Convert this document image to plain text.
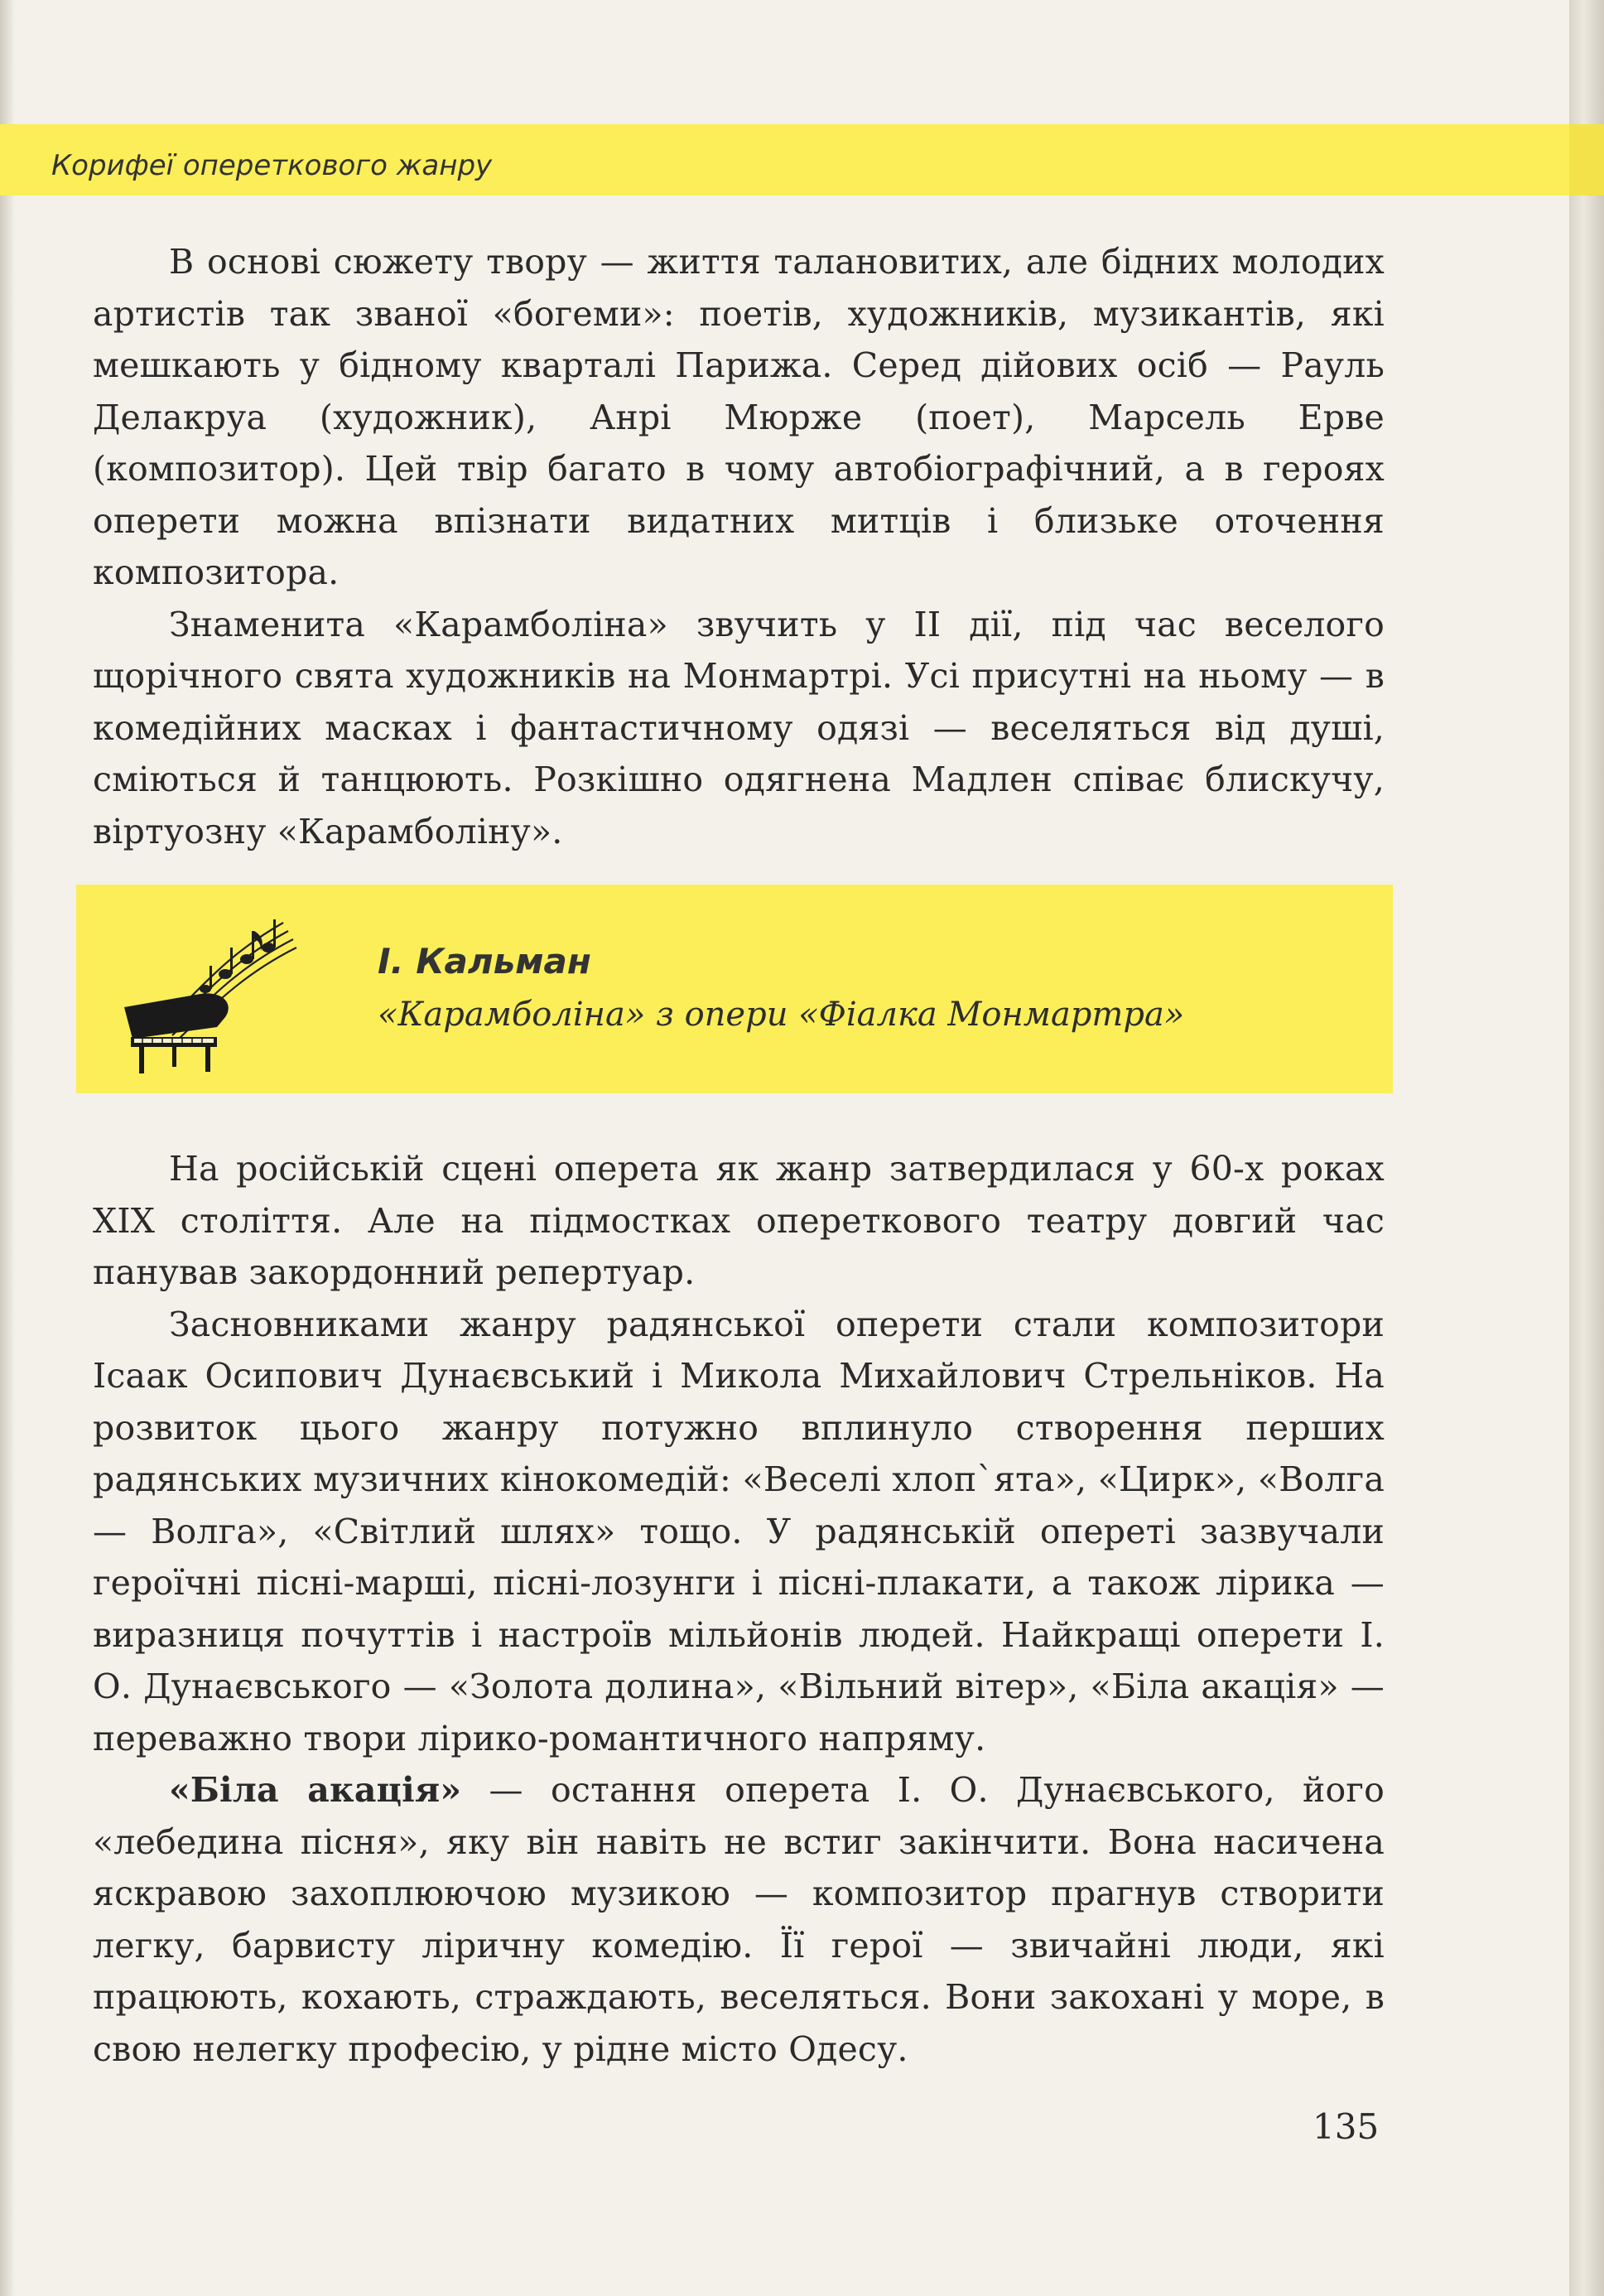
Корифеї опереткового жанру

В основі сюжету твору — життя талановитих, але бідних молодих артистів так званої «богеми»: поетів, художників, музикантів, які мешкають у бідному кварталі Парижа. Серед дійових осіб — Рауль Делакруа (художник), Анрі Мюрже (поет), Марсель Ерве (композитор). Цей твір багато в чому автобіографічний, а в героях оперети можна впізнати видатних митців і близьке оточення композитора.

Знаменита «Карамболіна» звучить у II дії, під час веселого щорічного свята художників на Монмартрі. Усі присутні на ньому — в комедійних масках і фантастичному одязі — веселяться від душі, сміються й танцюють. Розкішно одягнена Мадлен співає блискучу, віртуозну «Карамболіну».

І. Кальман
«Карамболіна» з опери «Фіалка Монмартра»

На російській сцені оперета як жанр затвердилася у 60-х роках XIX століття. Але на підмостках опереткового театру довгий час панував закордонний репертуар.

Засновниками жанру радянської оперети стали композитори Ісаак Осипович Дунаєвський і Микола Михайлович Стрельніков. На розвиток цього жанру потужно вплинуло створення перших радянських музичних кінокомедій: «Веселі хлоп`ята», «Цирк», «Волга — Волга», «Світлий шлях» тощо. У радянській опереті зазвучали героїчні пісні-марші, пісні-лозунги і пісні-плакати, а також лірика — виразниця почуттів і настроїв мільйонів людей. Найкращі оперети І. О. Дунаєвського — «Золота долина», «Вільний вітер», «Біла акація» — переважно твори лірико-романтичного напряму.

«Біла акація» — остання оперета І. О. Дунаєвського, його «лебедина пісня», яку він навіть не встиг закінчити. Вона насичена яскравою захоплюючою музикою — композитор прагнув створити легку, барвисту ліричну комедію. Її герої — звичайні люди, які працюють, кохають, страждають, веселяться. Вони закохані у море, в свою нелегку професію, у рідне місто Одесу.

135
